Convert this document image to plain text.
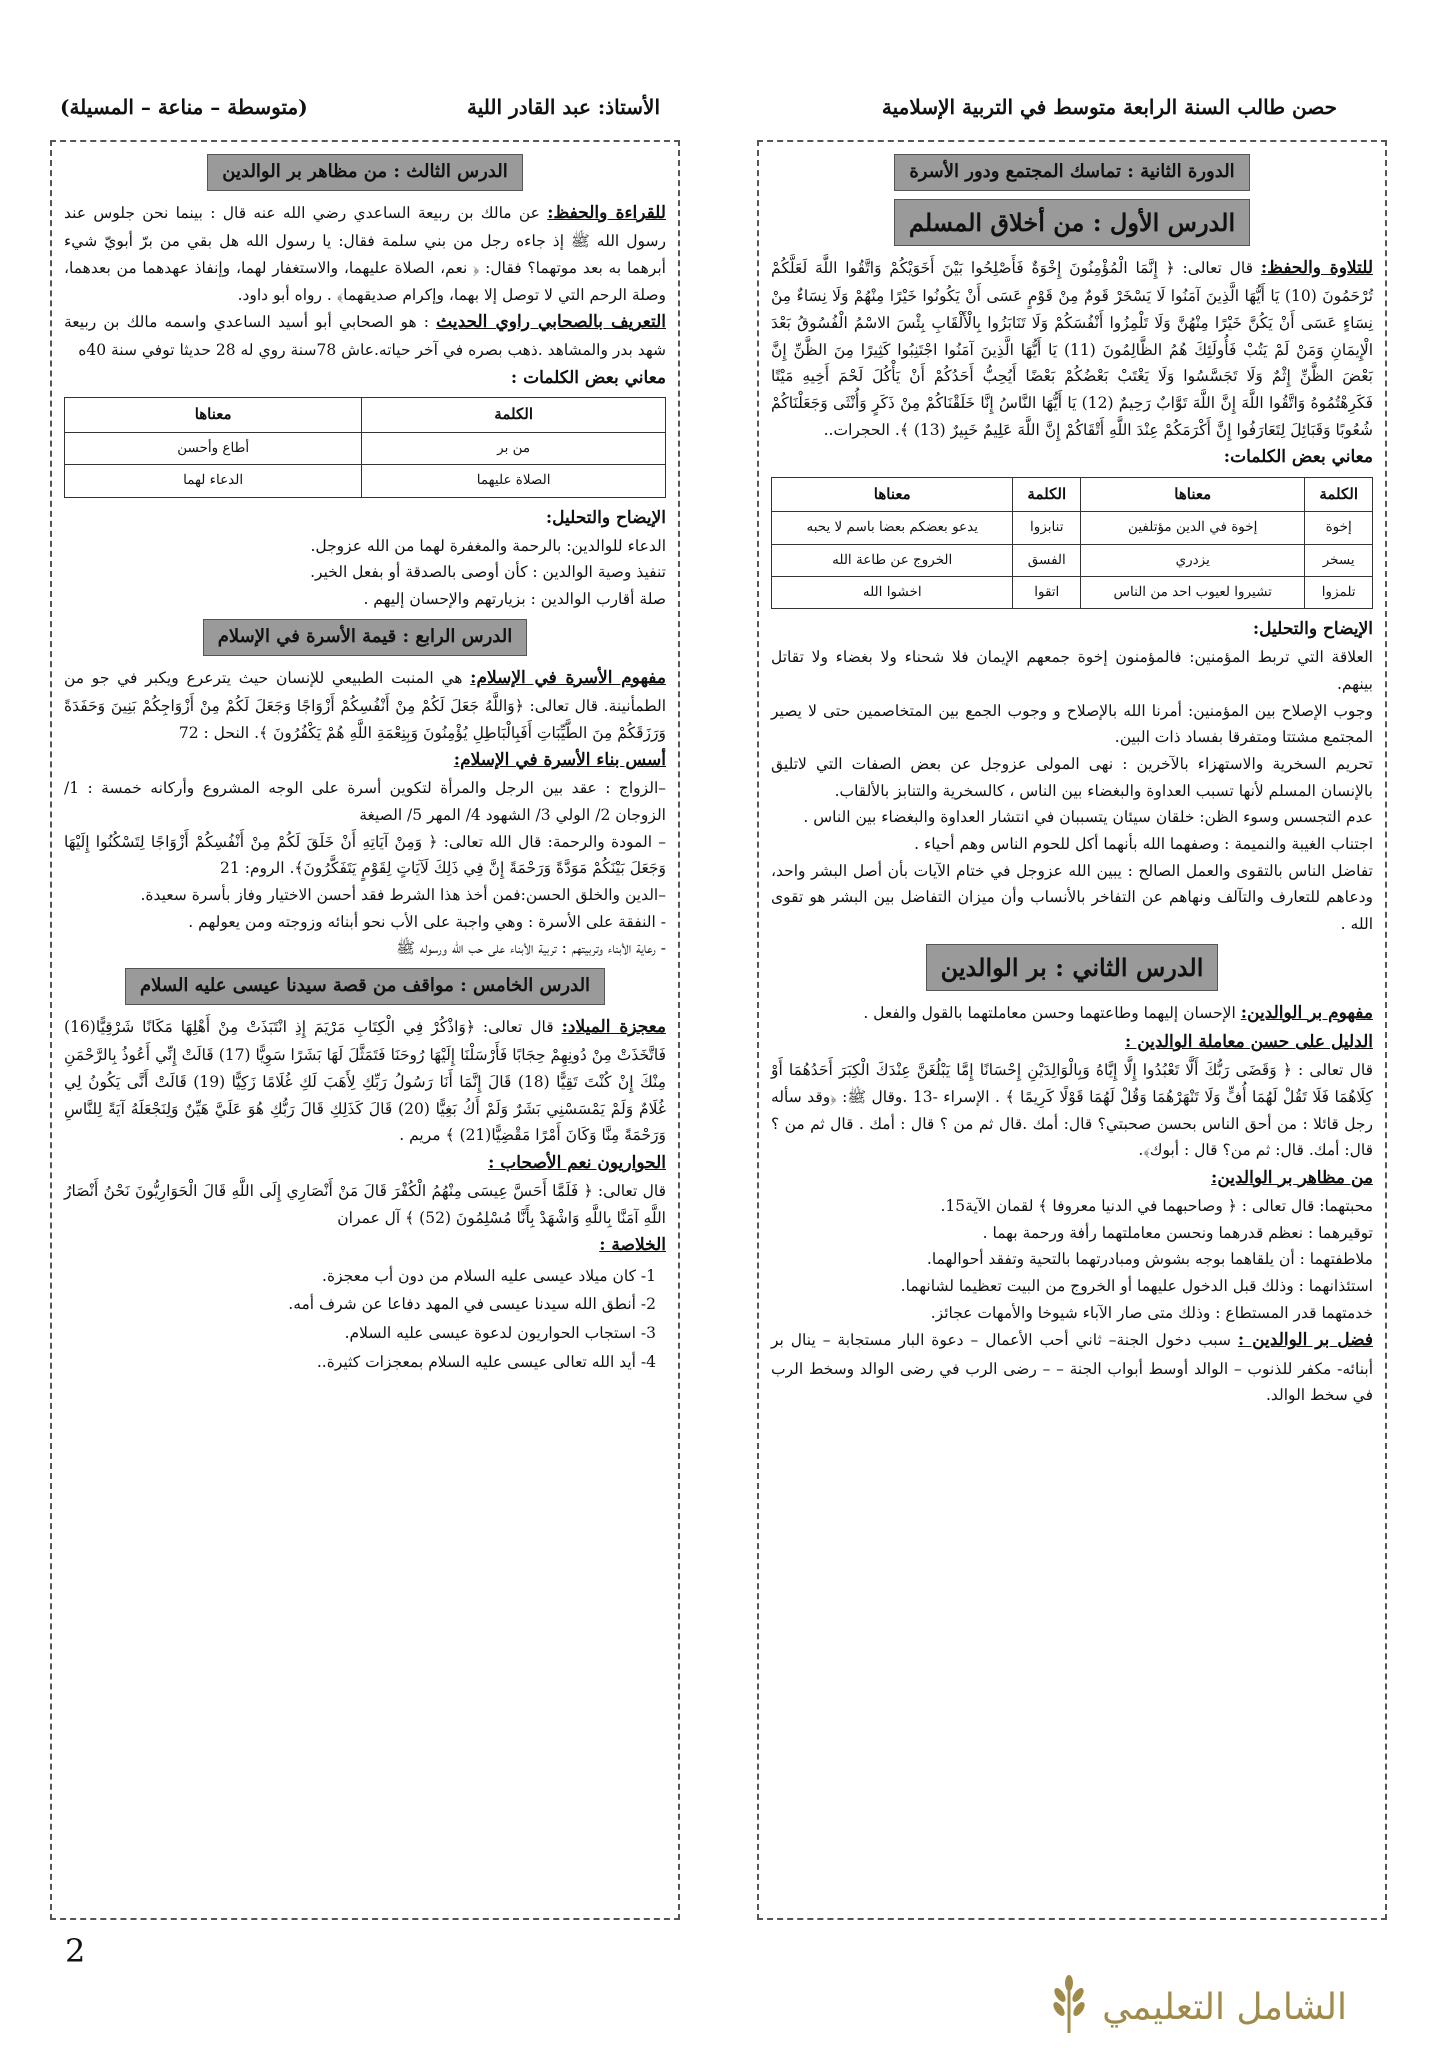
حصن طالب السنة الرابعة متوسط في التربية الإسلامية
الأستاذ: عبد القادر اللية
(متوسطة – مناعة – المسيلة)
الدورة الثانية : تماسك المجتمع ودور الأسرة
الدرس الأول : من أخلاق المسلم

للتلاوة والحفظ: قال تعالى: ﴿ إِنَّمَا الْمُؤْمِنُونَ إِخْوَةٌ فَأَصْلِحُوا بَيْنَ أَخَوَيْكُمْ وَاتَّقُوا اللَّهَ لَعَلَّكُمْ تُرْحَمُونَ (10) يَا أَيُّهَا الَّذِينَ آمَنُوا لَا يَسْخَرْ قَومٌ مِنْ قَوْمٍ عَسَى أَنْ يَكُونُوا خَيْرًا مِنْهُمْ وَلَا نِسَاءٌ مِنْ نِسَاءٍ عَسَى أَنْ يَكُنَّ خَيْرًا مِنْهُنَّ وَلَا تَلْمِزُوا أَنْفُسَكُمْ وَلَا تَنَابَزُوا بِالْأَلْقَابِ بِئْسَ الاسْمُ الْفُسُوقُ بَعْدَ الْإِيمَانِ وَمَنْ لَمْ يَتُبْ فَأُولَئِكَ هُمُ الظَّالِمُونَ (11) يَا أَيُّهَا الَّذِينَ آمَنُوا اجْتَنِبُوا كَثِيرًا مِنَ الظَّنِّ إِنَّ بَعْضَ الظَّنِّ إِثْمٌ وَلَا تَجَسَّسُوا وَلَا يَغْتَبْ بَعْضُكُمْ بَعْضًا أَيُحِبُّ أَحَدُكُمْ أَنْ يَأْكُلَ لَحْمَ أَخِيهِ مَيْتًا فَكَرِهْتُمُوهُ وَاتَّقُوا اللَّهَ إِنَّ اللَّهَ تَوَّابٌ رَحِيمٌ (12) يَا أَيُّهَا النَّاسُ إِنَّا خَلَقْنَاكُمْ مِنْ ذَكَرٍ وَأُنْثَى وَجَعَلْنَاكُمْ شُعُوبًا وَقَبَائِلَ لِتَعَارَفُوا إِنَّ أَكْرَمَكُمْ عِنْدَ اللَّهِ أَتْقَاكُمْ إِنَّ اللَّهَ عَلِيمٌ خَبِيرٌ (13) ﴾. الحجرات..

معاني بعض الكلمات:
الكلمة	معناها	الكلمة	معناها
إخوة	إخوة في الدين مؤتلفين	تنابزوا	يدعو بعضكم بعضا باسم لا يحبه
يسخر	يزدري	الفسق	الخروج عن طاعة الله
تلمزوا	تشيروا لعيوب احد من الناس	اتقوا	اخشوا الله
الإيضاح والتحليل:

العلاقة التي تربط المؤمنين: فالمؤمنون إخوة جمعهم الإيمان فلا شحناء ولا بغضاء ولا تقاتل بينهم.

وجوب الإصلاح بين المؤمنين: أمرنا الله بالإصلاح و وجوب الجمع بين المتخاصمين حتى لا يصير المجتمع مشتتا ومتفرقا بفساد ذات البين.

تحريم السخرية والاستهزاء بالآخرين : نهى المولى عزوجل عن بعض الصفات التي لاتليق بالإنسان المسلم لأنها تسبب العداوة والبغضاء بين الناس ، كالسخرية والتنابز بالألقاب.

عدم التجسس وسوء الظن: خلقان سيئان يتسببان في انتشار العداوة والبغضاء بين الناس .

اجتناب الغيبة والنميمة : وصفهما الله بأنهما أكل للحوم الناس وهم أحياء .

تفاضل الناس بالتقوى والعمل الصالح : يبين الله عزوجل في ختام الآيات بأن أصل البشر واحد، ودعاهم للتعارف والتآلف ونهاهم عن التفاخر بالأنساب وأن ميزان التفاضل بين البشر هو تقوى الله .

الدرس الثاني : بر الوالدين

مفهوم بر الوالدين: الإحسان إليهما وطاعتهما وحسن معاملتهما بالقول والفعل .

الدليل على حسن معاملة الوالدين :

قال تعالى : ﴿ وَقَضَى رَبُّكَ أَلَّا تَعْبُدُوا إِلَّا إِيَّاهُ وَبِالْوَالِدَيْنِ إِحْسَانًا إِمَّا يَبْلُغَنَّ عِنْدَكَ الْكِبَرَ أَحَدُهُمَا أَوْ كِلَاهُمَا فَلَا تَقُلْ لَهُمَا أُفٍّ وَلَا تَنْهَرْهُمَا وَقُلْ لَهُمَا قَوْلًا كَرِيمًا ﴾ . الإسراء -13 .وقال ﷺ: ﴿وقد سأله رجل قائلا : من أحق الناس بحسن صحبتي؟ قال: أمك .قال ثم من ؟ قال : أمك . قال ثم من ؟ قال: أمك. قال: ثم من؟ قال : أبوك﴾.

من مظاهر بر الوالدين:

محبتهما: قال تعالى : ﴿ وصاحبهما في الدنيا معروفا ﴾ لقمان الآية15.

توقيرهما : نعظم قدرهما ونحسن معاملتهما رأفة ورحمة بهما .

ملاطفتهما : أن يلقاهما بوجه بشوش ومبادرتهما بالتحية وتفقد أحوالهما.

استئذانهما : وذلك قبل الدخول عليهما أو الخروج من البيت تعظيما لشانهما.

خدمتهما قدر المستطاع : وذلك متى صار الآباء شيوخا والأمهات عجائز.

فضل بر الوالدين : سبب دخول الجنة– ثاني أحب الأعمال – دعوة البار مستجابة – ينال بر أبنائه- مكفر للذنوب – الوالد أوسط أبواب الجنة – – رضى الرب في رضى الوالد وسخط الرب في سخط الوالد.

الدرس الثالث : من مظاهر بر الوالدين

للقراءة والحفظ: عن مالك بن ربيعة الساعدي رضي الله عنه قال : بينما نحن جلوس عند رسول الله ﷺ إذ جاءه رجل من بني سلمة فقال: يا رسول الله هل بقي من برّ أبويّ شيء أبرهما به بعد موتهما؟ فقال: ﴿ نعم، الصلاة عليهما، والاستغفار لهما، وإنفاذ عهدهما من بعدهما، وصلة الرحم التي لا توصل إلا بهما، وإكرام صديقهما﴾ . رواه أبو داود.

التعريف بالصحابي راوي الحديث : هو الصحابي أبو أسيد الساعدي واسمه مالك بن ربيعة شهد بدر والمشاهد .ذهب بصره في آخر حياته.عاش 78سنة روي له 28 حديثا توفي سنة 40ه

معاني بعض الكلمات :
الكلمة	معناها
من بر	أطاع وأحسن
الصلاة عليهما	الدعاء لهما
الإيضاح والتحليل:

الدعاء للوالدين: بالرحمة والمغفرة لهما من الله عزوجل.

تنفيذ وصية الوالدين : كأن أوصى بالصدقة أو بفعل الخير.

صلة أقارب الوالدين : بزيارتهم والإحسان إليهم .

الدرس الرابع : قيمة الأسرة في الإسلام

مفهوم الأسرة في الإسلام: هي المنبت الطبيعي للإنسان حيث يترعرع ويكبر في جو من الطمأنينة. قال تعالى: ﴿وَاللَّهُ جَعَلَ لَكُمْ مِنْ أَنْفُسِكُمْ أَزْوَاجًا وَجَعَلَ لَكُمْ مِنْ أَزْوَاجِكُمْ بَنِينَ وَحَفَدَةً وَرَزَقَكُمْ مِنَ الطَّيِّبَاتِ أَفَبِالْبَاطِلِ يُؤْمِنُونَ وَبِنِعْمَةِ اللَّهِ هُمْ يَكْفُرُونَ ﴾. النحل : 72

أسس بناء الأسرة في الإسلام:

–الزواج : عقد بين الرجل والمرأة لتكوين أسرة على الوجه المشروع وأركانه خمسة : 1/ الزوجان 2/ الولي 3/ الشهود 4/ المهر 5/ الصيغة

– المودة والرحمة: قال الله تعالى: ﴿ وَمِنْ آيَاتِهِ أَنْ خَلَقَ لَكُمْ مِنْ أَنْفُسِكُمْ أَزْوَاجًا لِتَسْكُنُوا إِلَيْهَا وَجَعَلَ بَيْنَكُمْ مَوَدَّةً وَرَحْمَةً إِنَّ فِي ذَلِكَ لَآيَاتٍ لِقَوْمٍ يَتَفَكَّرُونَ﴾. الروم: 21

–الدين والخلق الحسن:فمن أخذ هذا الشرط فقد أحسن الاختيار وفاز بأسرة سعيدة.

- النفقة على الأسرة : وهي واجبة على الأب نحو أبنائه وزوجته ومن يعولهم .

- رعاية الأبناء وتربيتهم : تربية الأبناء على حب الله ورسوله ﷺ

الدرس الخامس : مواقف من قصة سيدنا عيسى عليه السلام

معجزة الميلاد: قال تعالى: ﴿وَاذْكُرْ فِي الْكِتَابِ مَرْيَمَ إِذِ انْتَبَذَتْ مِنْ أَهْلِهَا مَكَانًا شَرْقِيًّا(16) فَاتَّخَذَتْ مِنْ دُونِهِمْ حِجَابًا فَأَرْسَلْنَا إِلَيْهَا رُوحَنَا فَتَمَثَّلَ لَهَا بَشَرًا سَوِيًّا (17) قَالَتْ إِنِّي أَعُوذُ بِالرَّحْمَنِ مِنْكَ إِنْ كُنْتَ تَقِيًّا (18) قَالَ إِنَّمَا أَنَا رَسُولُ رَبِّكِ لِأَهَبَ لَكِ غُلَامًا زَكِيًّا (19) قَالَتْ أَنَّى يَكُونُ لِي غُلَامٌ وَلَمْ يَمْسَسْنِي بَشَرٌ وَلَمْ أَكُ بَغِيًّا (20) قَالَ كَذَلِكِ قَالَ رَبُّكِ هُوَ عَلَيَّ هَيِّنٌ وَلِنَجْعَلَهُ آيَةً لِلنَّاسِ وَرَحْمَةً مِنَّا وَكَانَ أَمْرًا مَقْضِيًّا(21) ﴾ مريم .

الحواريون نعم الأصحاب :

قال تعالى: ﴿ فَلَمَّا أَحَسَّ عِيسَى مِنْهُمُ الْكُفْرَ قَالَ مَنْ أَنْصَارِي إِلَى اللَّهِ قَالَ الْحَوَارِيُّونَ نَحْنُ أَنْصَارُ اللَّهِ آمَنَّا بِاللَّهِ وَاشْهَدْ بِأَنَّا مُسْلِمُونَ (52) ﴾ آل عمران

الخلاصة :
1- كان ميلاد عيسى عليه السلام من دون أب معجزة.
2- أنطق الله سيدنا عيسى في المهد دفاعا عن شرف أمه.
3- استجاب الحواريون لدعوة عيسى عليه السلام.
4- أيد الله تعالى عيسى عليه السلام بمعجزات كثيرة..
2
الشامل التعليمي
